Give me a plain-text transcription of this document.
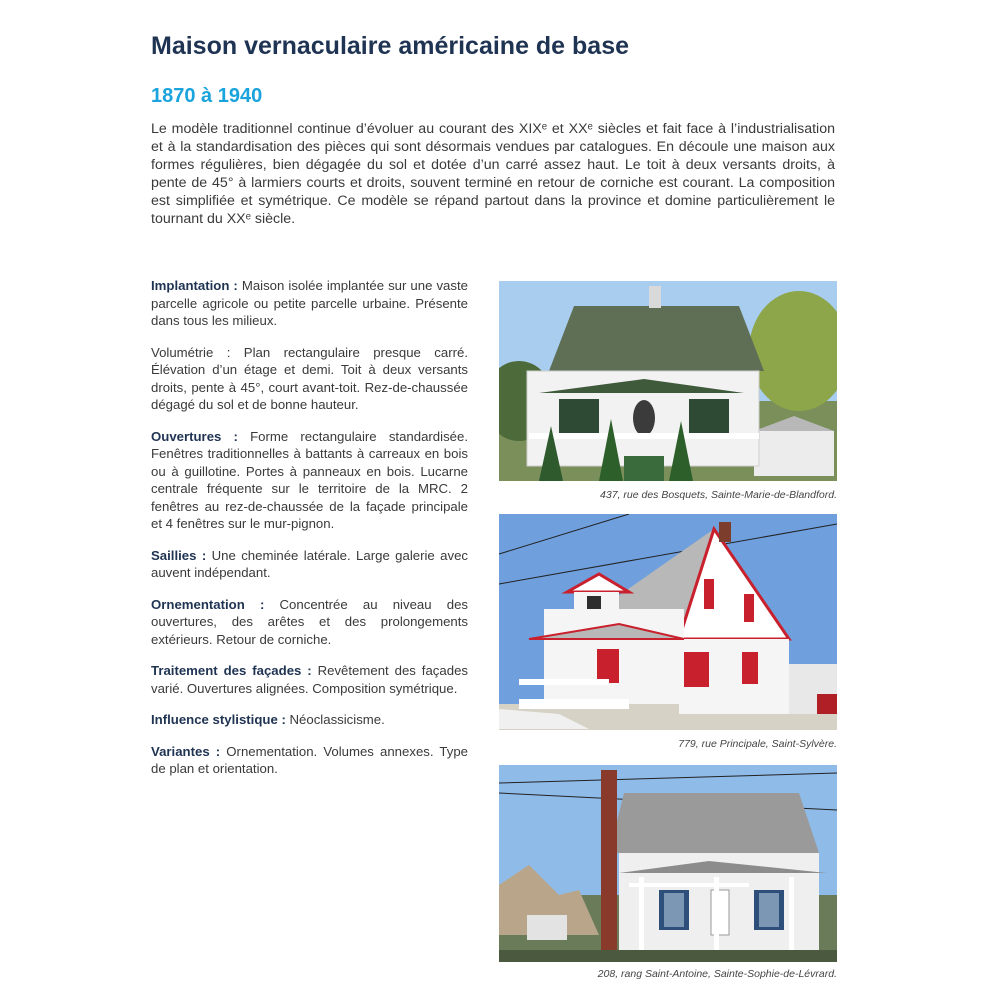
Maison vernaculaire américaine de base
1870 à 1940

Le modèle traditionnel continue d’évoluer au courant des XIXᵉ et XXᵉ siècles et fait face à l’industrialisation et à la standardisation des pièces qui sont désormais vendues par catalogues. En découle une maison aux formes régulières, bien dégagée du sol et dotée d’un carré assez haut. Le toit à deux versants droits, à pente de 45° à larmiers courts et droits, souvent terminé en retour de corniche est courant. La composition est simplifiée et symétrique. Ce modèle se répand partout dans la province et domine particulièrement le tournant du XXᵉ siècle.

Implantation : Maison isolée implantée sur une vaste parcelle agricole ou petite parcelle urbaine. Présente dans tous les milieux.

Volumétrie : Plan rectangulaire presque carré. Élévation d’un étage et demi. Toit à deux versants droits, pente à 45°, court avant-toit. Rez-de-chaussée dégagé du sol et de bonne hauteur.

Ouvertures : Forme rectangulaire standardisée. Fenêtres traditionnelles à battants à carreaux en bois ou à guillotine. Portes à panneaux en bois. Lucarne centrale fréquente sur le territoire de la MRC. 2 fenêtres au rez-de-chaussée de la façade principale et 4 fenêtres sur le mur-pignon.

Saillies : Une cheminée latérale. Large galerie avec auvent indépendant.

Ornementation : Concentrée au niveau des ouvertures, des arêtes et des prolongements extérieurs. Retour de corniche.

Traitement des façades : Revêtement des façades varié. Ouvertures alignées. Composition symétrique.

Influence stylistique : Néoclassicisme.

Variantes : Ornementation. Volumes annexes. Type de plan et orientation.

437, rue des Bosquets, Sainte-Marie-de-Blandford.
779, rue Principale, Saint-Sylvère.
208, rang Saint-Antoine, Sainte-Sophie-de-Lévrard.
